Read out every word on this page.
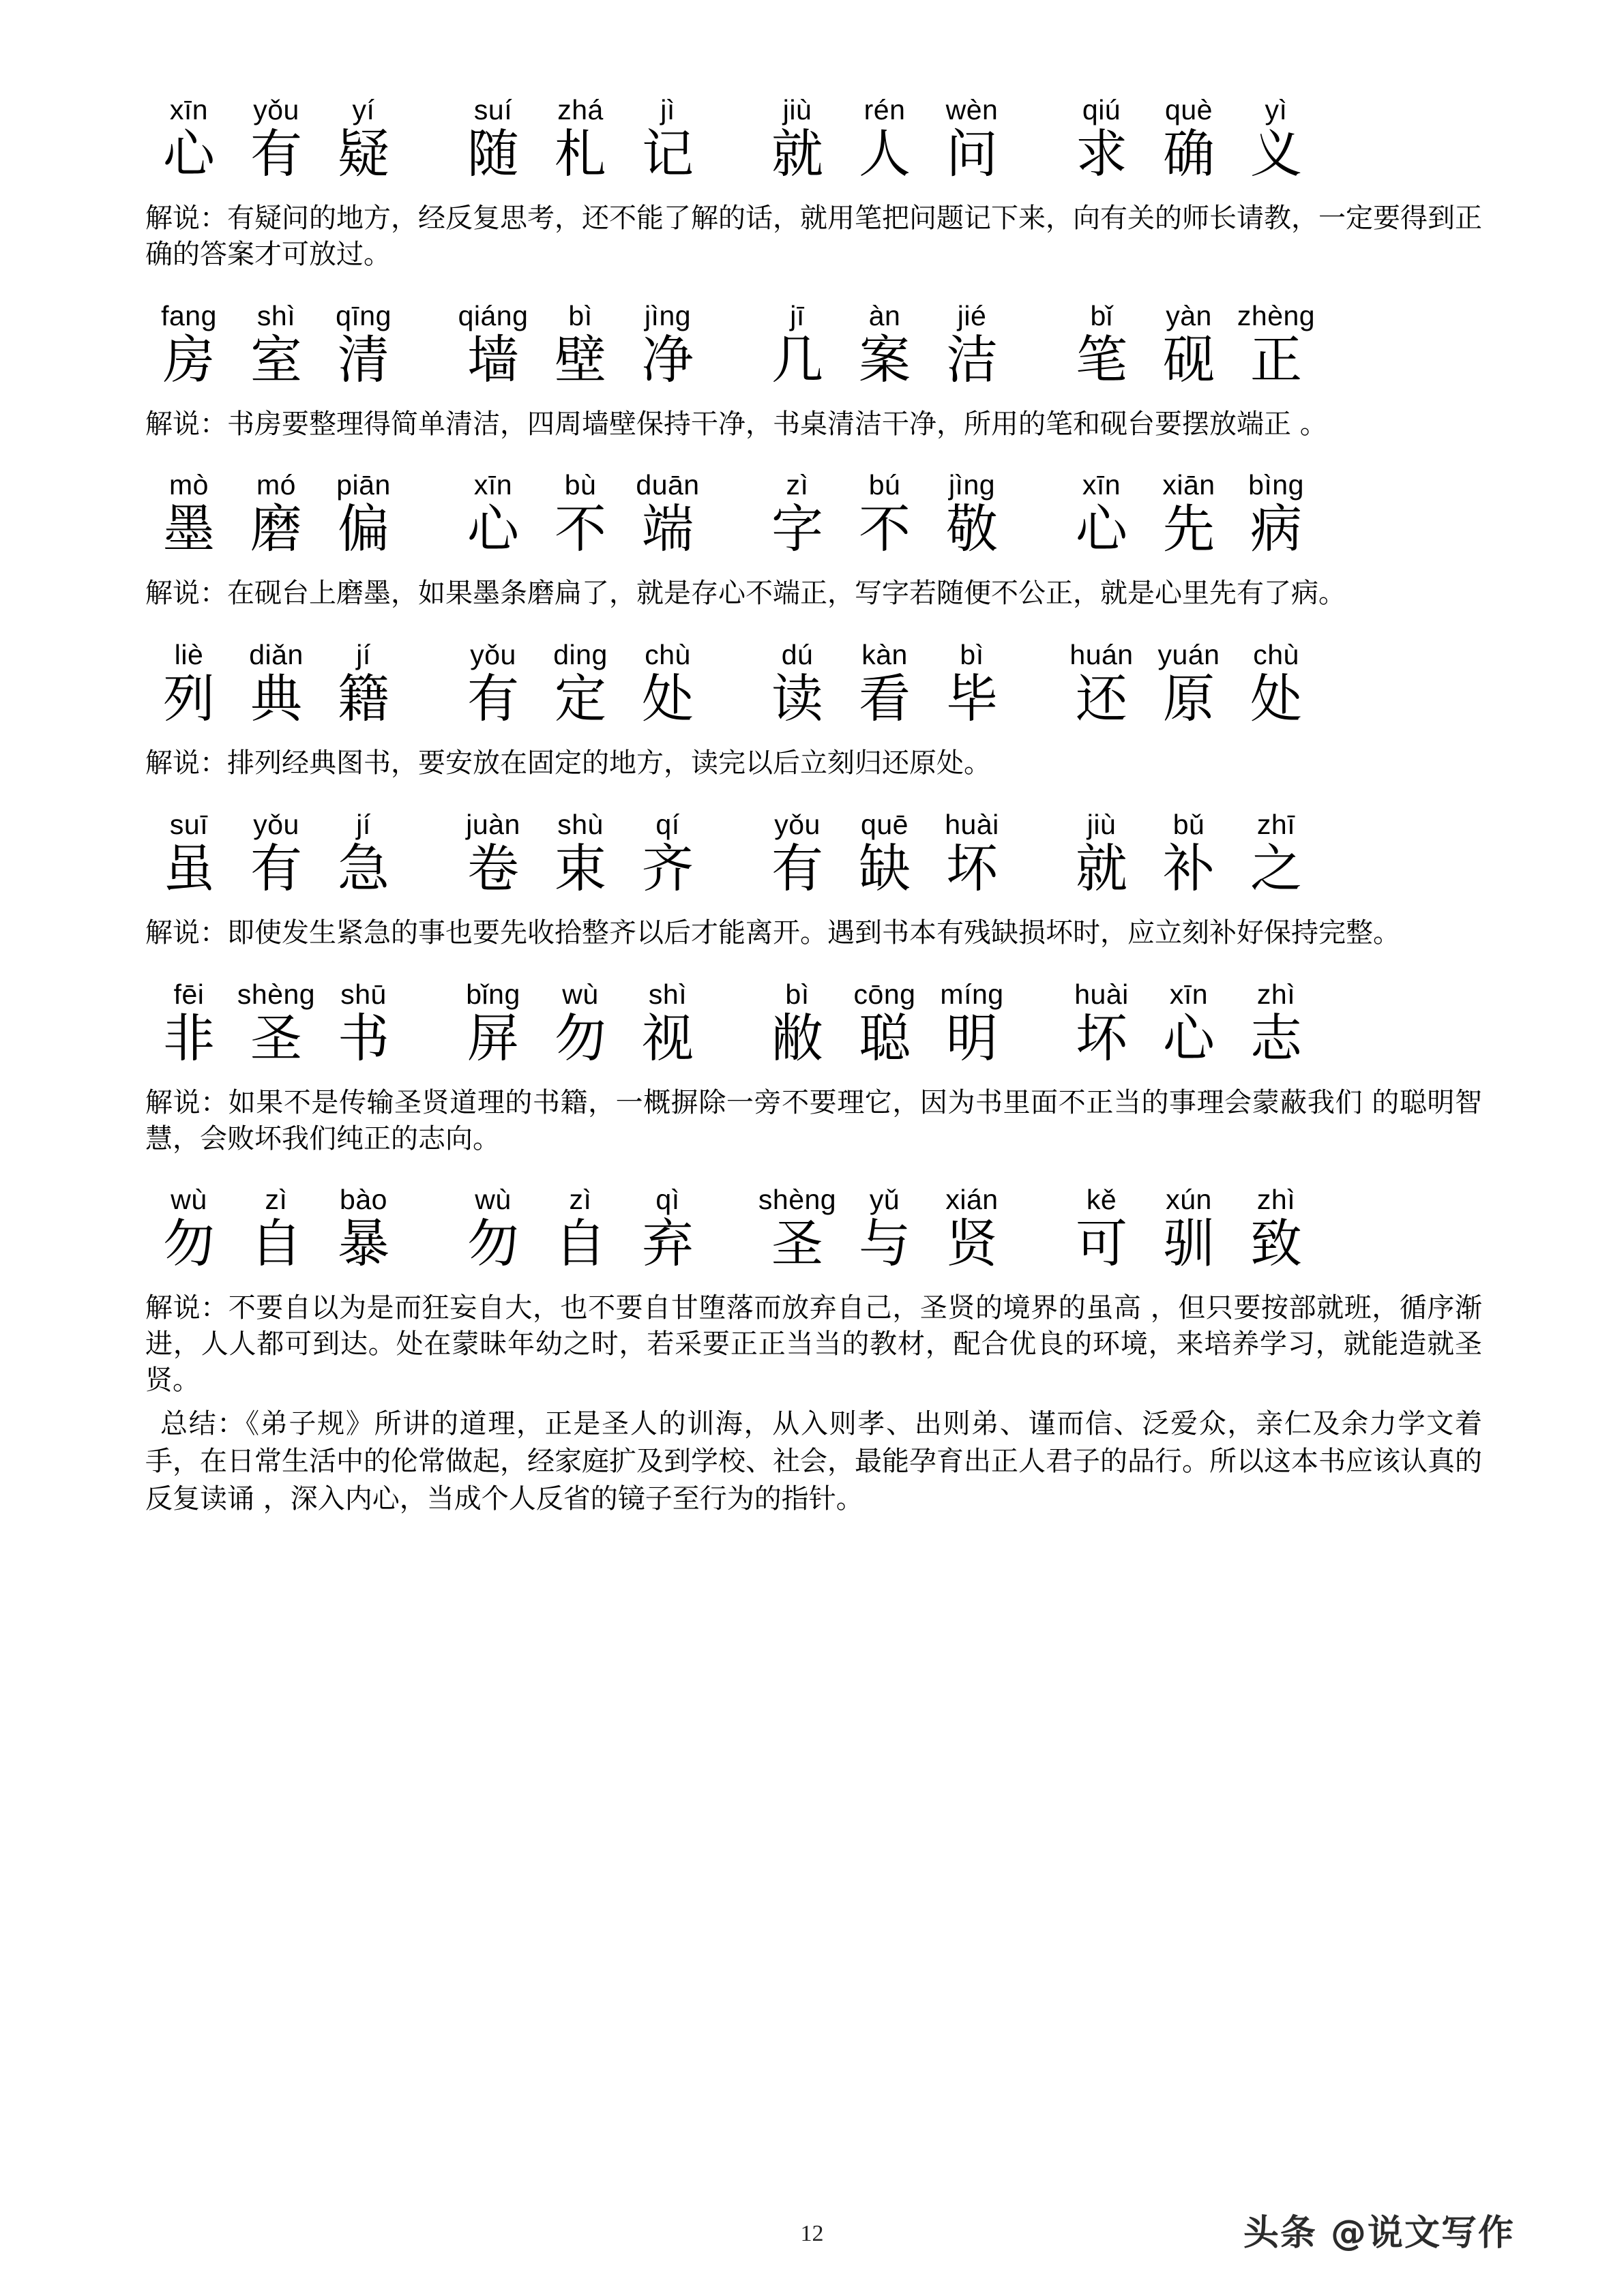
xīn	yǒu	yí	suí	zhá	jì	jiù	rén	wèn	qiú	què	yì
心 有 疑	随 札 记	就 人 问	求 确 义

解说：有疑问的地方，经反复思考，还不能了解的话，就用笔把问题记下来，向有关的师长请教，一定要得到正确的答案才可放过。

fang	shì	qīng	qiáng	bì	jìng	jī	àn	jié	bǐ	yàn zhèng
房 室 清	墙 壁 净	几 案 洁	笔 砚 正

解说：书房要整理得简单清洁，四周墙壁保持干净，书桌清洁干净，所用的笔和砚台要摆放端正 。

mò	mó	piān	xīn	bù	duān	zì	bú	jìng	xīn	xiān	bìng
墨 磨 偏	心 不 端	字 不 敬	心 先 病

解说：在砚台上磨墨，如果墨条磨扁了，就是存心不端正，写字若随便不公正，就是心里先有了病。

liè	diǎn	jí	yǒu	ding	chù	dú	kàn	bì	huán yuán	chù
列 典 籍	有 定 处	读 看 毕	还 原 处

解说：排列经典图书，要安放在固定的地方，读完以后立刻归还原处。

suī	yǒu	jí	juàn	shù	qí	yǒu	quē	huài	jiù	bǔ	zhī
虽 有 急	卷 束 齐	有 缺 坏	就 补 之

解说：即使发生紧急的事也要先收拾整齐以后才能离开。遇到书本有残缺损坏时，应立刻补好保持完整。

fēi	shèng shū	bǐng	wù	shì	bì	cōng míng	huài	xīn	zhì
非 圣 书	屏 勿 视	敝 聪 明	坏 心 志

解说：如果不是传输圣贤道理的书籍，一概摒除一旁不要理它，因为书里面不正当的事理会蒙蔽我们 的聪明智慧，会败坏我们纯正的志向。

wù	zì	bào	wù	zì	qì	shèng	yǔ	xián	kě	xún	zhì
勿 自 暴	勿 自 弃	圣 与 贤	可 驯 致

解说：不要自以为是而狂妄自大，也不要自甘堕落而放弃自己，圣贤的境界的虽高 ，但只要按部就班，循序渐进，人人都可到达。处在蒙昧年幼之时，若采要正正当当的教材，配合优良的环境，来培养学习，就能造就圣贤。

总结：《弟子规》所讲的道理，正是圣人的训海，从入则孝、出则弟、谨而信、泛爱众，亲仁及余力学文着手，在日常生活中的伦常做起，经家庭扩及到学校、社会，最能孕育出正人君子的品行。所以这本书应该认真的反复读诵 ，深入内心，当成个人反省的镜子至行为的指针。

12	头条 @说文写作
